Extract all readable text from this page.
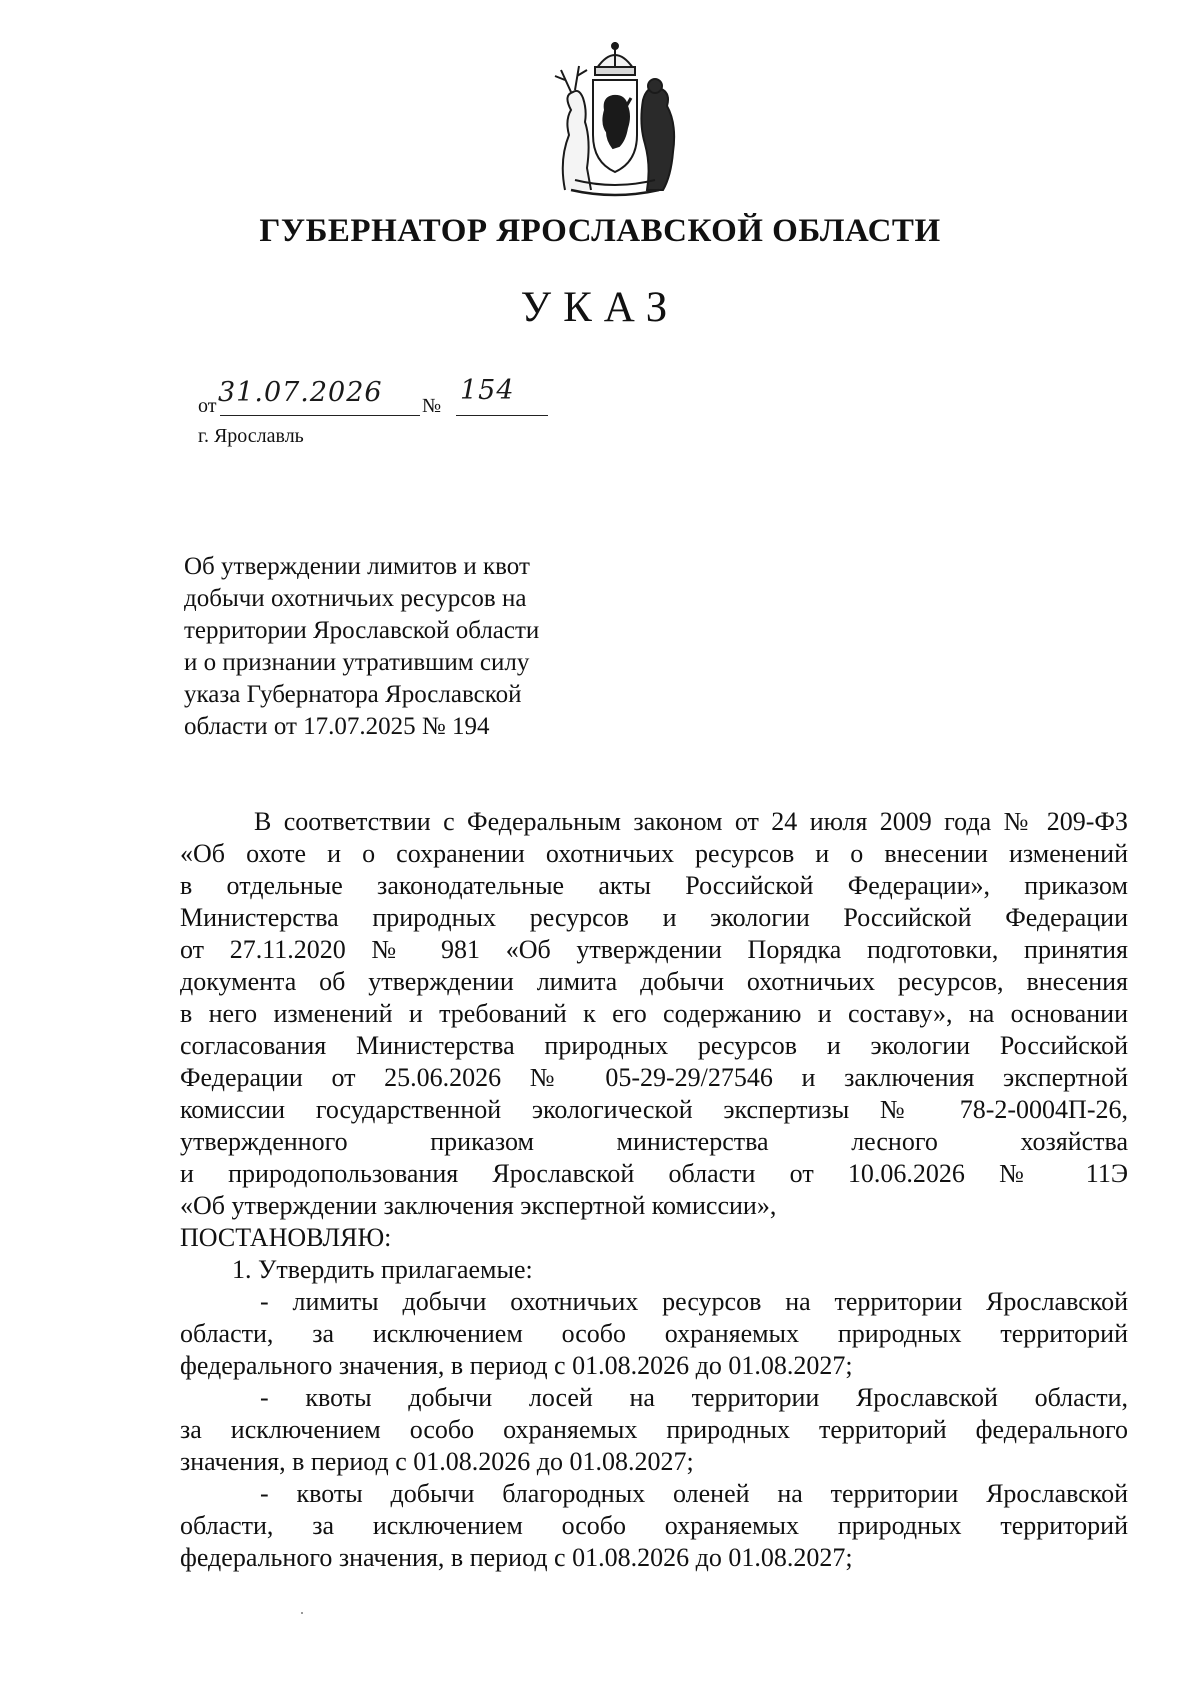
ГУБЕРНАТОР ЯРОСЛАВСКОЙ ОБЛАСТИ
УКАЗ
от 31.07.2026 № 154
г. Ярославль
Об утверждении лимитов и квот
добычи охотничьих ресурсов на
территории Ярославской области
и о признании утратившим силу
указа Губернатора Ярославской
области от 17.07.2025 № 194
В соответствии с Федеральным законом от 24 июля 2009 года № 209-ФЗ
«Об охоте и о сохранении охотничьих ресурсов и о внесении изменений
в отдельные законодательные акты Российской Федерации», приказом
Министерства природных ресурсов и экологии Российской Федерации
от 27.11.2020 № 981 «Об утверждении Порядка подготовки, принятия
документа об утверждении лимита добычи охотничьих ресурсов, внесения
в него изменений и требований к его содержанию и составу», на основании
согласования Министерства природных ресурсов и экологии Российской
Федерации от 25.06.2026 № 05-29-29/27546 и заключения экспертной
комиссии государственной экологической экспертизы № 78-2-0004П-26,
утвержденного приказом министерства лесного хозяйства
и природопользования Ярославской области от 10.06.2026 № 11Э
«Об утверждении заключения экспертной комиссии»,
ПОСТАНОВЛЯЮ:
1. Утвердить прилагаемые:
- лимиты добычи охотничьих ресурсов на территории Ярославской
области, за исключением особо охраняемых природных территорий
федерального значения, в период с 01.08.2026 до 01.08.2027;
- квоты добычи лосей на территории Ярославской области,
за исключением особо охраняемых природных территорий федерального
значения, в период с 01.08.2026 до 01.08.2027;
- квоты добычи благородных оленей на территории Ярославской
области, за исключением особо охраняемых природных территорий
федерального значения, в период с 01.08.2026 до 01.08.2027;
